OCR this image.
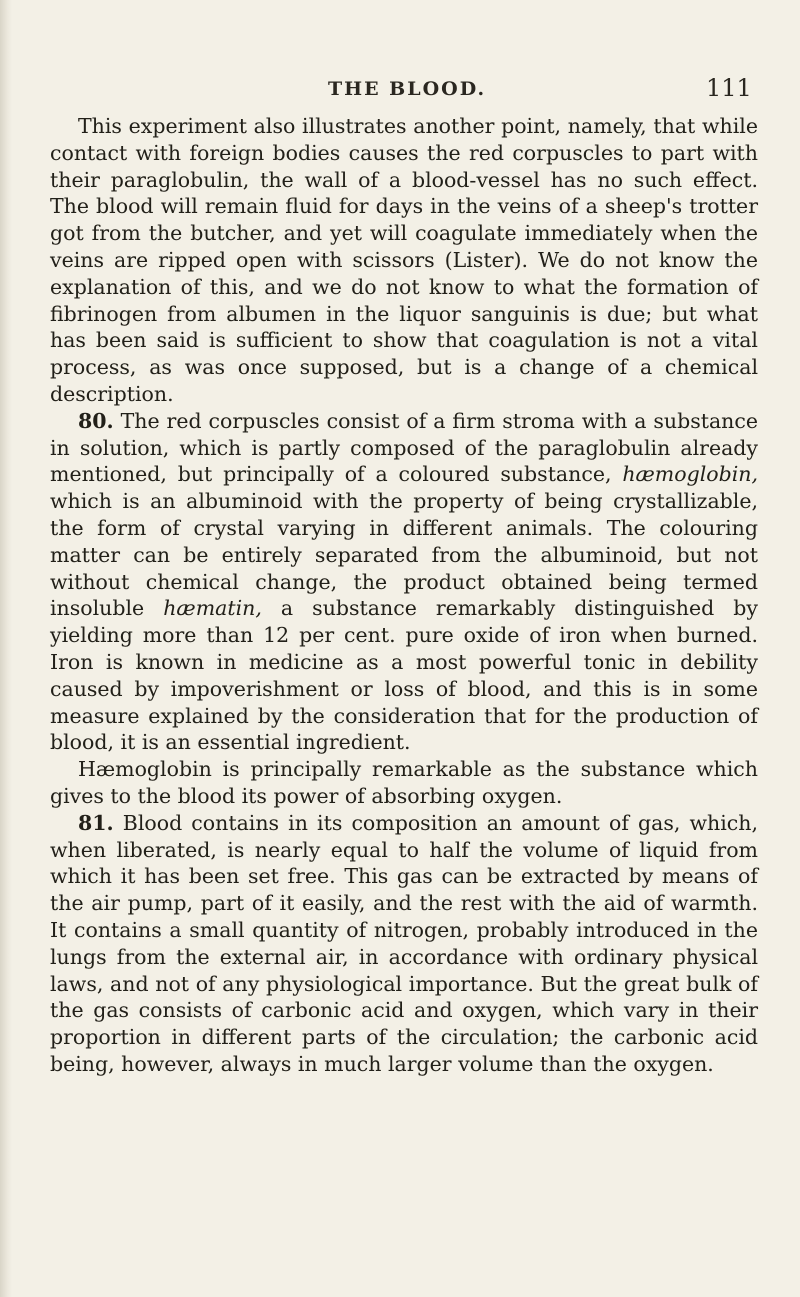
THE BLOOD.	111

This experiment also illustrates another point, namely, that while contact with foreign bodies causes the red corpuscles to part with their paraglobulin, the wall of a blood-vessel has no such effect. The blood will remain fluid for days in the veins of a sheep's trotter got from the butcher, and yet will coagulate immediately when the veins are ripped open with scissors (Lister). We do not know the explanation of this, and we do not know to what the formation of fibrinogen from albumen in the liquor sanguinis is due; but what has been said is sufficient to show that coagulation is not a vital process, as was once supposed, but is a change of a chemical description.

80. The red corpuscles consist of a firm stroma with a substance in solution, which is partly composed of the paraglobulin already mentioned, but principally of a coloured substance, hæmoglobin, which is an albuminoid with the property of being crystallizable, the form of crystal varying in different animals. The colouring matter can be entirely separated from the albuminoid, but not without chemical change, the product obtained being termed insoluble hæmatin, a substance remarkably distinguished by yielding more than 12 per cent. pure oxide of iron when burned. Iron is known in medicine as a most powerful tonic in debility caused by impoverishment or loss of blood, and this is in some measure explained by the consideration that for the production of blood, it is an essential ingredient.

Hæmoglobin is principally remarkable as the substance which gives to the blood its power of absorbing oxygen.

81. Blood contains in its composition an amount of gas, which, when liberated, is nearly equal to half the volume of liquid from which it has been set free. This gas can be extracted by means of the air pump, part of it easily, and the rest with the aid of warmth. It contains a small quantity of nitrogen, probably introduced in the lungs from the external air, in accordance with ordinary physical laws, and not of any physiological importance. But the great bulk of the gas consists of carbonic acid and oxygen, which vary in their proportion in different parts of the circulation; the carbonic acid being, however, always in much larger volume than the oxygen.
